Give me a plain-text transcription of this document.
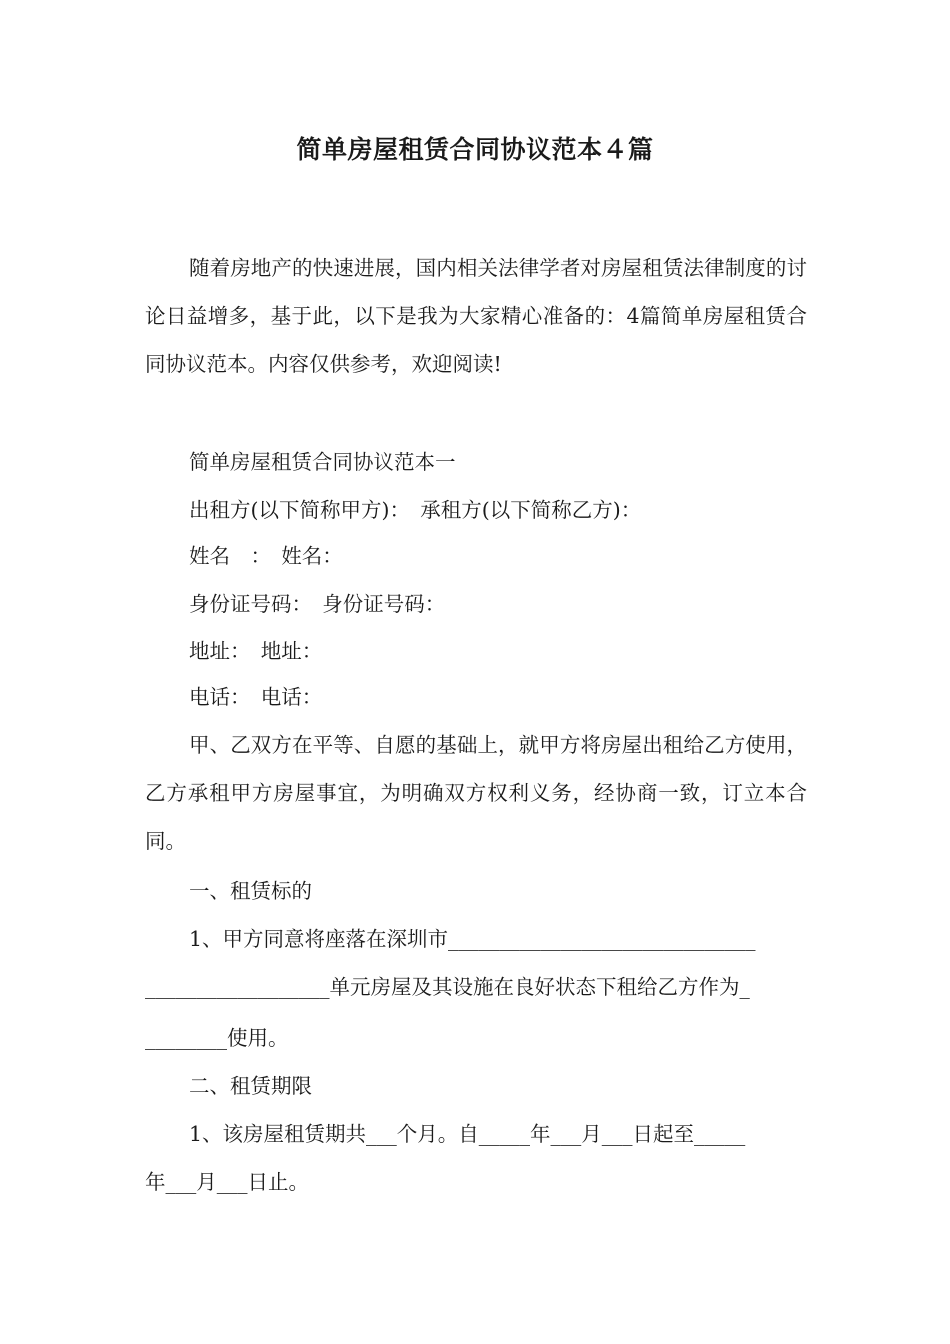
简单房屋租赁合同协议范本４篇

随着房地产的快速进展，国内相关法律学者对房屋租赁法律制度的讨论日益增多，基于此，以下是我为大家精心准备的：4篇简单房屋租赁合同协议范本。内容仅供参考，欢迎阅读!

简单房屋租赁合同协议范本一
出租方(以下简称甲方)：　承租方(以下简称乙方)：
姓名　：　姓名：
身份证号码：　身份证号码：
地址：　地址：
电话：　电话：

甲、乙双方在平等、自愿的基础上，就甲方将房屋出租给乙方使用，乙方承租甲方房屋事宜，为明确双方权利义务，经协商一致，订立本合同。

一、租赁标的
1、甲方同意将座落在深圳市______________________________
__________________单元房屋及其设施在良好状态下租给乙方作为_
________使用。
二、租赁期限
1、该房屋租赁期共___个月。自_____年___月___日起至_____
年___月___日止。
